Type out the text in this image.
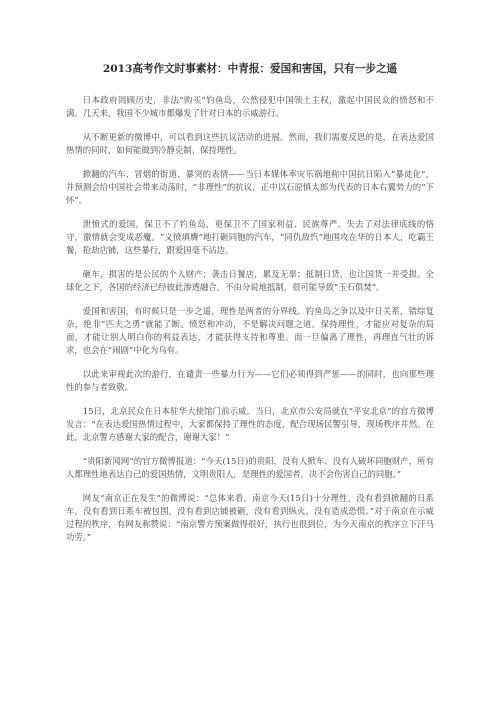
2013高考作文时事素材：中青报：爱国和害国，只有一步之遥

日本政府罔顾历史，非法“购买”钓鱼岛，公然侵犯中国领土主权，激起中国民众的愤怒和不满。几天来，我国不少城市都爆发了针对日本的示威游行。

从不断更新的微博中，可以看到这些抗议活动的进展。然而，我们需要反思的是，在表达爱国热情的同时，如何能做到冷静克制、保持理性。

掀翻的汽车、冒烟的街道、暴突的表情——当日本媒体率灾乐祸地称中国抗日陷入“暴徒化”，并预测会给中国社会带来动荡时，“非理性”的抗议，正中以石原慎太郎为代表的日本右翼势力的“下怀”。

泄愤式的爱国，保卫不了钓鱼岛，更保卫不了国家利益、民族尊严。失去了对法律底线的恪守，激情就会变成恶魔。“义愤填膺”地打砸同胞的汽车，“同仇敌忾”地围攻在华的日本人，吃霸王餐，抢劫店铺，这些暴行，跟爱国毫不沾边。

砸车，损害的是公民的个人财产；袭击日餐店，累及无辜；抵制日货，也让国货一并受损。全球化之下，各国的经济已经彼此渗透融合，不由分说地抵制，很可能导致“玉石俱焚”。

爱国和害国，有时候只是一步之遥，理性是两者的分界线。钓鱼岛之争以及中日关系，错综复杂，绝非“匹夫之勇”就能了断。愤怒和冲动，不是解决问题之道。保持理性，才能应对复杂的局面，才能让别人明白你的利益表达，才能获得支持和尊重。而一旦偏离了理性，再理直气壮的诉求，也会在“闹剧”中化为乌有。

以此来审视此次的游行，在谴责一些暴力行为——它们必须得到严惩——的同时，也向那些理性的参与者致敬。

15日，北京民众在日本驻华大使馆门前示威。当日，北京市公安局就在“平安北京”的官方微博发言：“在表达爱国热情过程中，大家都保持了理性的态度，配合现场民警引导，现场秩序井然。在此，北京警方感谢大家的配合，谢谢大家！”

“贵阳新闻网”的官方微博报道：“今天(15日)的贵阳，没有人掀车、没有人破坏同胞财产，所有人都理性地表达自己的爱国热情，文明贵阳人，是理性的爱国者，决不会伤害自己的同胞。”

网友“南京正在发生”的微博说：“总体来看，南京今天(15日)十分理性，没有看到掀翻的日系车，没有看到日系车被包围，没有看到店铺被砸，没有看到纵火，没有造成恐慌。”对于南京在示威过程的秩序，有网友称赞说：“南京警方预案做得很好，执行也很到位，为今天南京的秩序立下汗马功劳。”
